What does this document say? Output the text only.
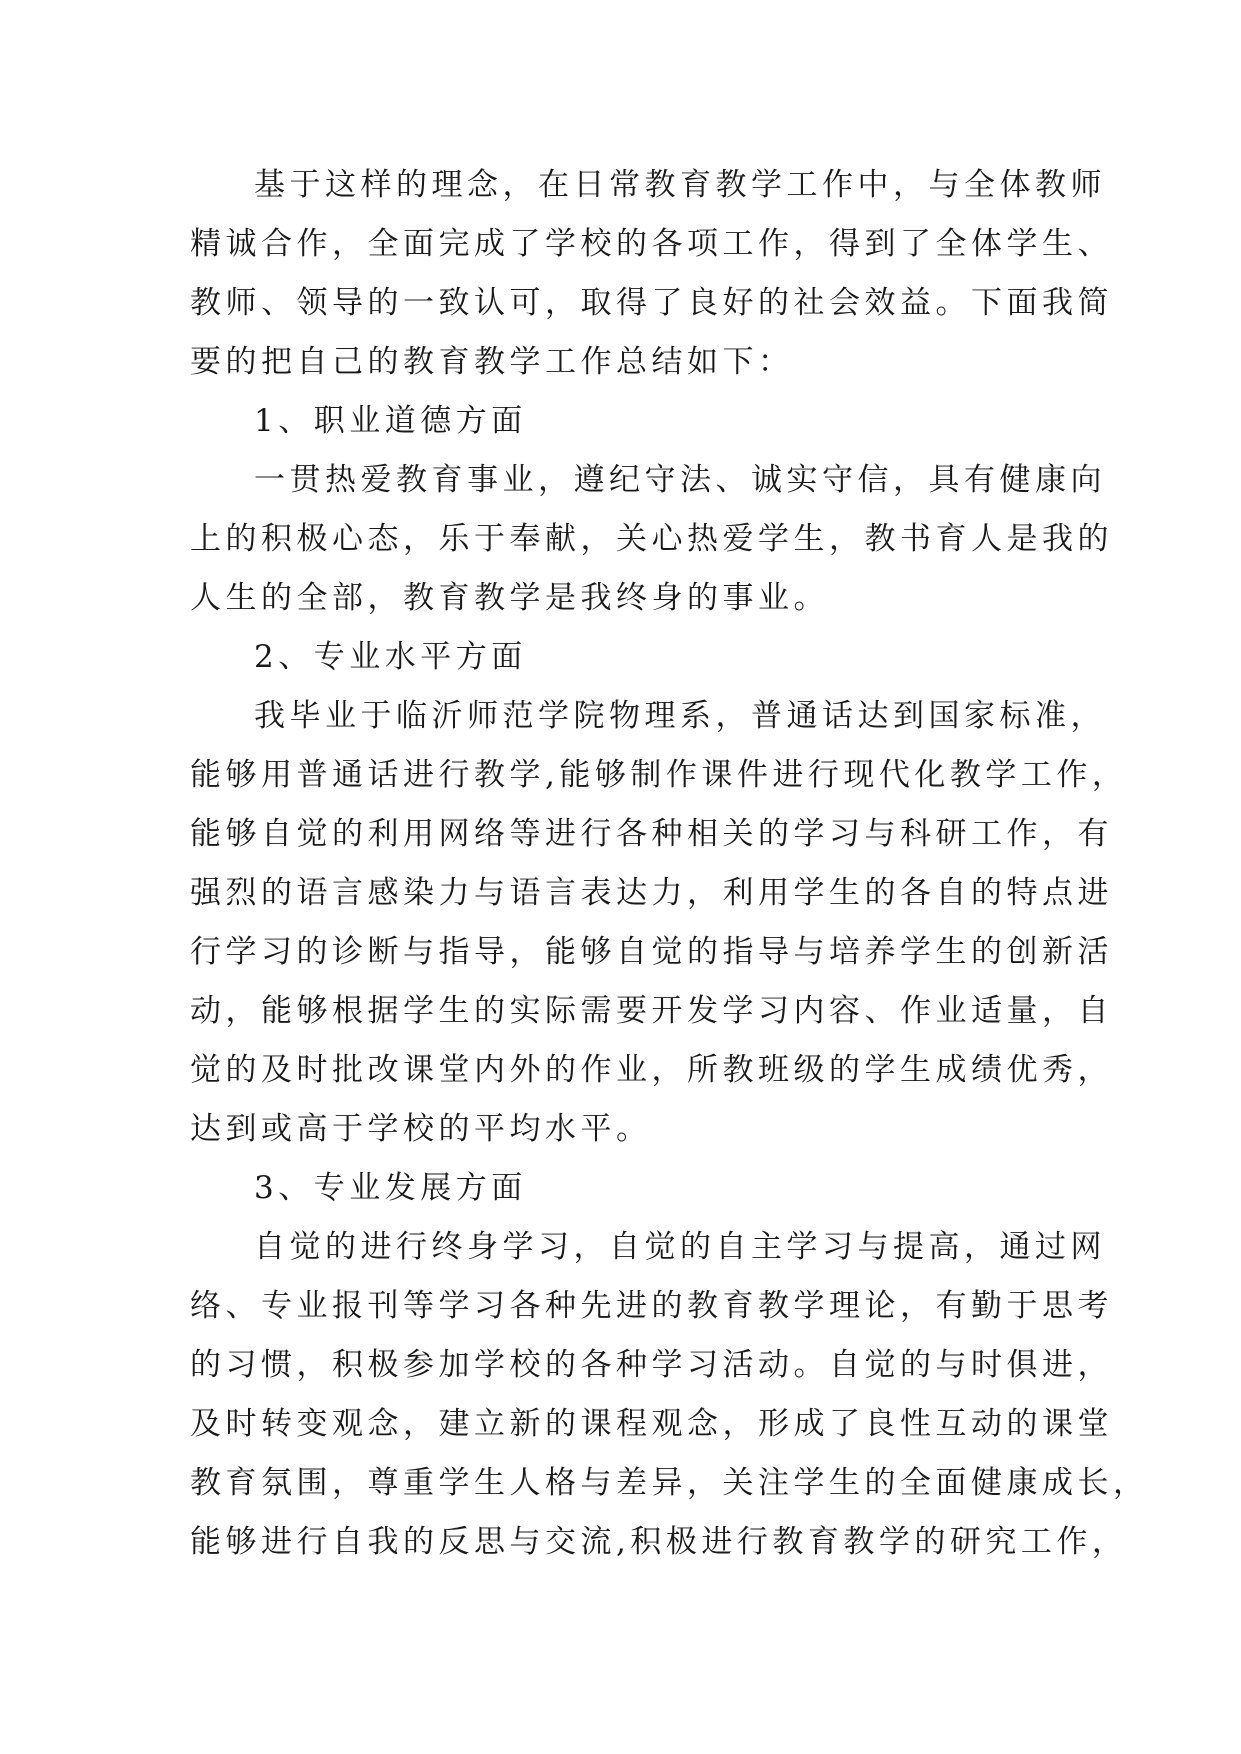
基于这样的理念，在日常教育教学工作中，与全体教师
精诚合作，全面完成了学校的各项工作，得到了全体学生、
教师、领导的一致认可，取得了良好的社会效益。下面我简
要的把自己的教育教学工作总结如下：
1、职业道德方面
一贯热爱教育事业，遵纪守法、诚实守信，具有健康向
上的积极心态，乐于奉献，关心热爱学生，教书育人是我的
人生的全部，教育教学是我终身的事业。
2、专业水平方面
我毕业于临沂师范学院物理系，普通话达到国家标准，
能够用普通话进行教学,能够制作课件进行现代化教学工作，
能够自觉的利用网络等进行各种相关的学习与科研工作，有
强烈的语言感染力与语言表达力，利用学生的各自的特点进
行学习的诊断与指导，能够自觉的指导与培养学生的创新活
动，能够根据学生的实际需要开发学习内容、作业适量，自
觉的及时批改课堂内外的作业，所教班级的学生成绩优秀，
达到或高于学校的平均水平。
3、专业发展方面
自觉的进行终身学习，自觉的自主学习与提高，通过网
络、专业报刊等学习各种先进的教育教学理论，有勤于思考
的习惯，积极参加学校的各种学习活动。自觉的与时俱进，
及时转变观念，建立新的课程观念，形成了良性互动的课堂
教育氛围，尊重学生人格与差异，关注学生的全面健康成长，
能够进行自我的反思与交流,积极进行教育教学的研究工作，
